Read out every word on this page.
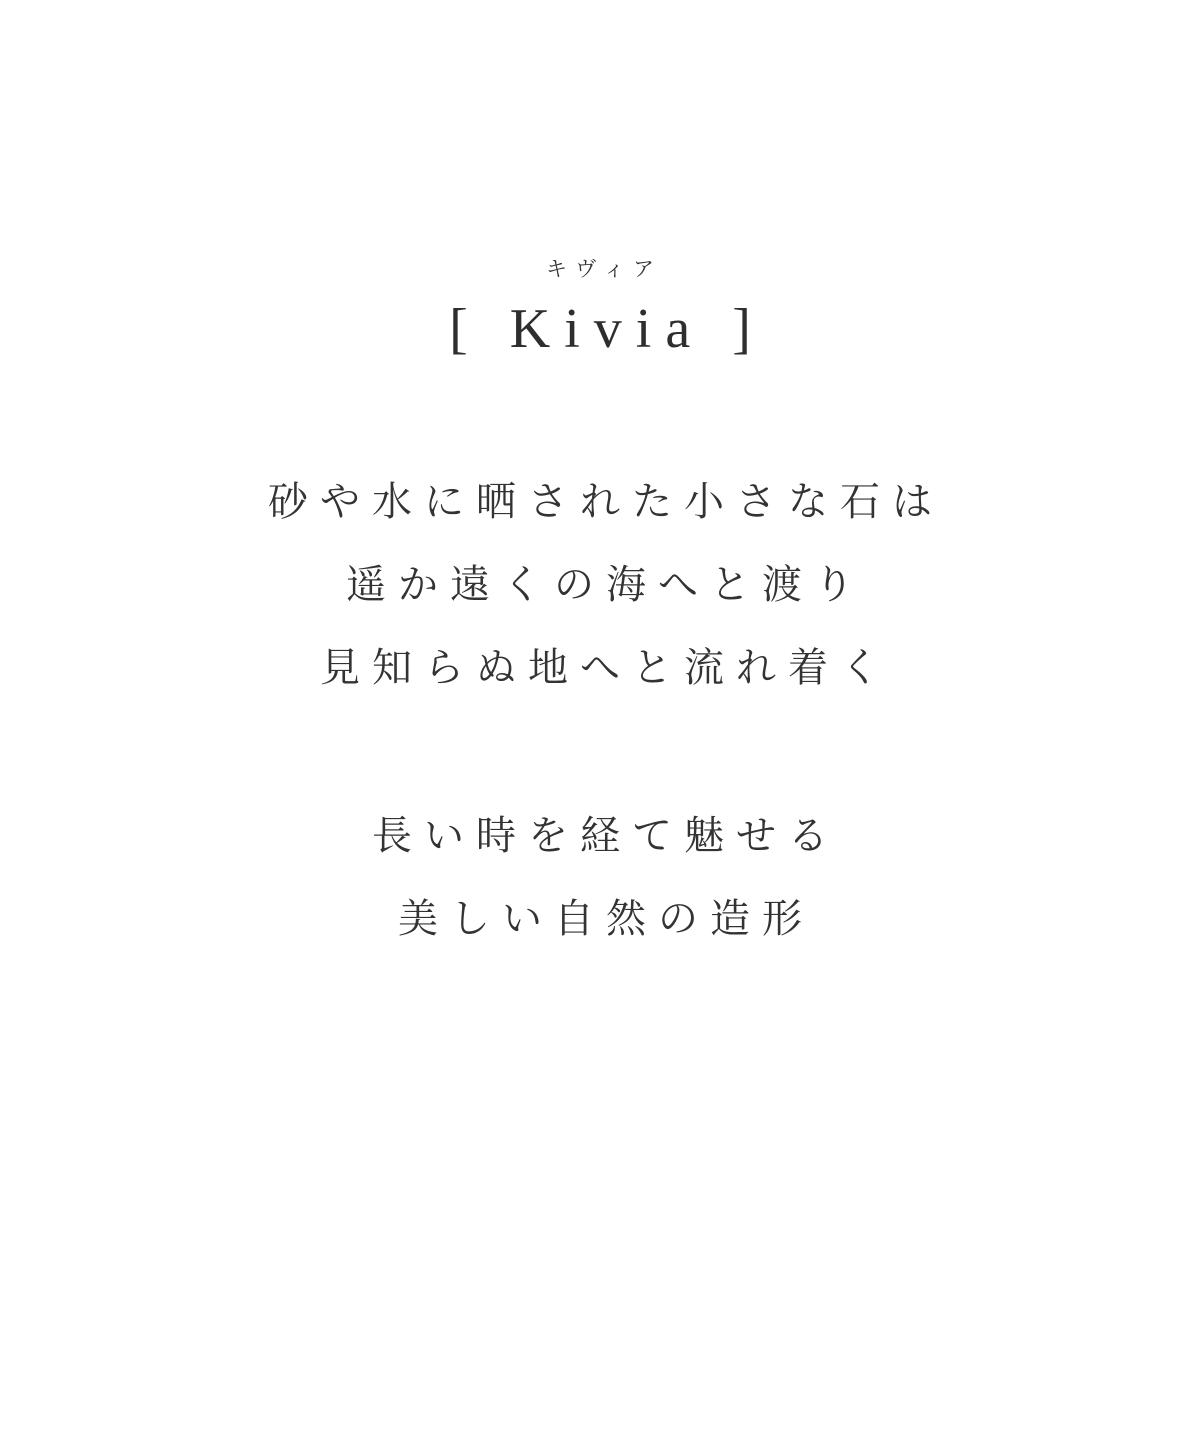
キヴィア
[ Kivia ]
砂や水に晒された小さな石は
遥か遠くの海へと渡り
見知らぬ地へと流れ着く
長い時を経て魅せる
美しい自然の造形
